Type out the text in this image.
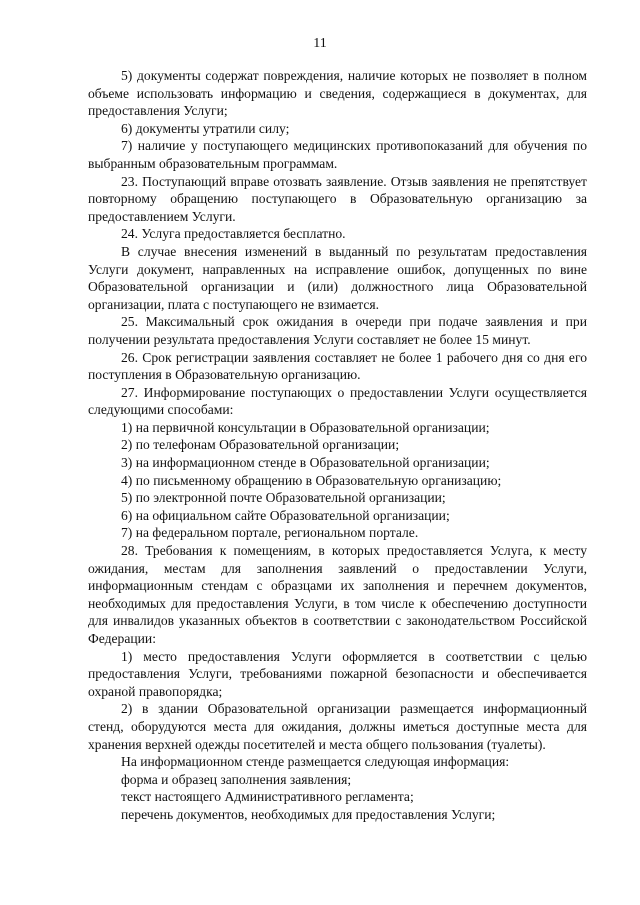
11

5) документы содержат повреждения, наличие которых не позволяет в полном объеме использовать информацию и сведения, содержащиеся в документах, для предоставления Услуги;

6) документы утратили силу;

7) наличие у поступающего медицинских противопоказаний для обучения по выбранным образовательным программам.

23. Поступающий вправе отозвать заявление. Отзыв заявления не препятствует повторному обращению поступающего в Образовательную организацию за предоставлением Услуги.

24. Услуга предоставляется бесплатно.

В случае внесения изменений в выданный по результатам предоставления Услуги документ, направленных на исправление ошибок, допущенных по вине Образовательной организации и (или) должностного лица Образовательной организации, плата с поступающего не взимается.

25. Максимальный срок ожидания в очереди при подаче заявления и при получении результата предоставления Услуги составляет не более 15 минут.

26. Срок регистрации заявления составляет не более 1 рабочего дня со дня его поступления в Образовательную организацию.

27. Информирование поступающих о предоставлении Услуги осуществляется следующими способами:

1) на первичной консультации в Образовательной организации;

2) по телефонам Образовательной организации;

3) на информационном стенде в Образовательной организации;

4) по письменному обращению в Образовательную организацию;

5) по электронной почте Образовательной организации;

6) на официальном сайте Образовательной организации;

7) на федеральном портале, региональном портале.

28. Требования к помещениям, в которых предоставляется Услуга, к месту ожидания, местам для заполнения заявлений о предоставлении Услуги, информационным стендам с образцами их заполнения и перечнем документов, необходимых для предоставления Услуги, в том числе к обеспечению доступности для инвалидов указанных объектов в соответствии с законодательством Российской Федерации:

1) место предоставления Услуги оформляется в соответствии с целью предоставления Услуги, требованиями пожарной безопасности и обеспечивается охраной правопорядка;

2) в здании Образовательной организации размещается информационный стенд, оборудуются места для ожидания, должны иметься доступные места для хранения верхней одежды посетителей и места общего пользования (туалеты).

На информационном стенде размещается следующая информация:

форма и образец заполнения заявления;

текст настоящего Административного регламента;

перечень документов, необходимых для предоставления Услуги;
